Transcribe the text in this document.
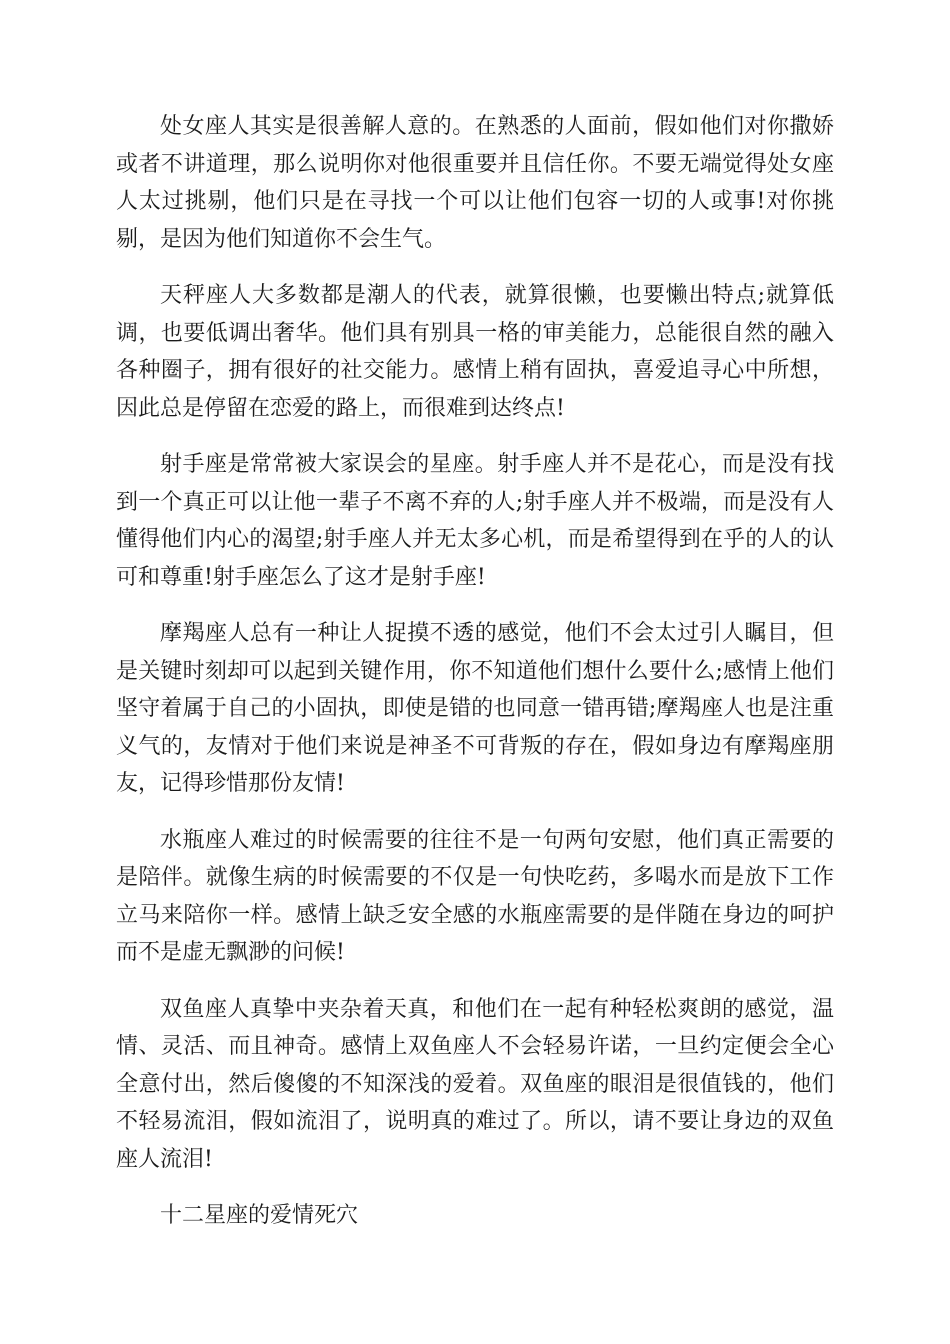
处女座人其实是很善解人意的。在熟悉的人面前，假如他们对你撒娇或者不讲道理，那么说明你对他很重要并且信任你。不要无端觉得处女座人太过挑剔，他们只是在寻找一个可以让他们包容一切的人或事!对你挑剔，是因为他们知道你不会生气。

天秤座人大多数都是潮人的代表，就算很懒，也要懒出特点;就算低调，也要低调出奢华。他们具有别具一格的审美能力，总能很自然的融入各种圈子，拥有很好的社交能力。感情上稍有固执，喜爱追寻心中所想，因此总是停留在恋爱的路上，而很难到达终点!

射手座是常常被大家误会的星座。射手座人并不是花心，而是没有找到一个真正可以让他一辈子不离不弃的人;射手座人并不极端，而是没有人懂得他们内心的渴望;射手座人并无太多心机，而是希望得到在乎的人的认可和尊重!射手座怎么了这才是射手座!

摩羯座人总有一种让人捉摸不透的感觉，他们不会太过引人瞩目，但是关键时刻却可以起到关键作用，你不知道他们想什么要什么;感情上他们坚守着属于自己的小固执，即使是错的也同意一错再错;摩羯座人也是注重义气的，友情对于他们来说是神圣不可背叛的存在，假如身边有摩羯座朋友，记得珍惜那份友情!

水瓶座人难过的时候需要的往往不是一句两句安慰，他们真正需要的是陪伴。就像生病的时候需要的不仅是一句快吃药，多喝水而是放下工作立马来陪你一样。感情上缺乏安全感的水瓶座需要的是伴随在身边的呵护而不是虚无飘渺的问候!

双鱼座人真挚中夹杂着天真，和他们在一起有种轻松爽朗的感觉，温情、灵活、而且神奇。感情上双鱼座人不会轻易许诺，一旦约定便会全心全意付出，然后傻傻的不知深浅的爱着。双鱼座的眼泪是很值钱的，他们不轻易流泪，假如流泪了，说明真的难过了。所以，请不要让身边的双鱼座人流泪!

十二星座的爱情死穴
